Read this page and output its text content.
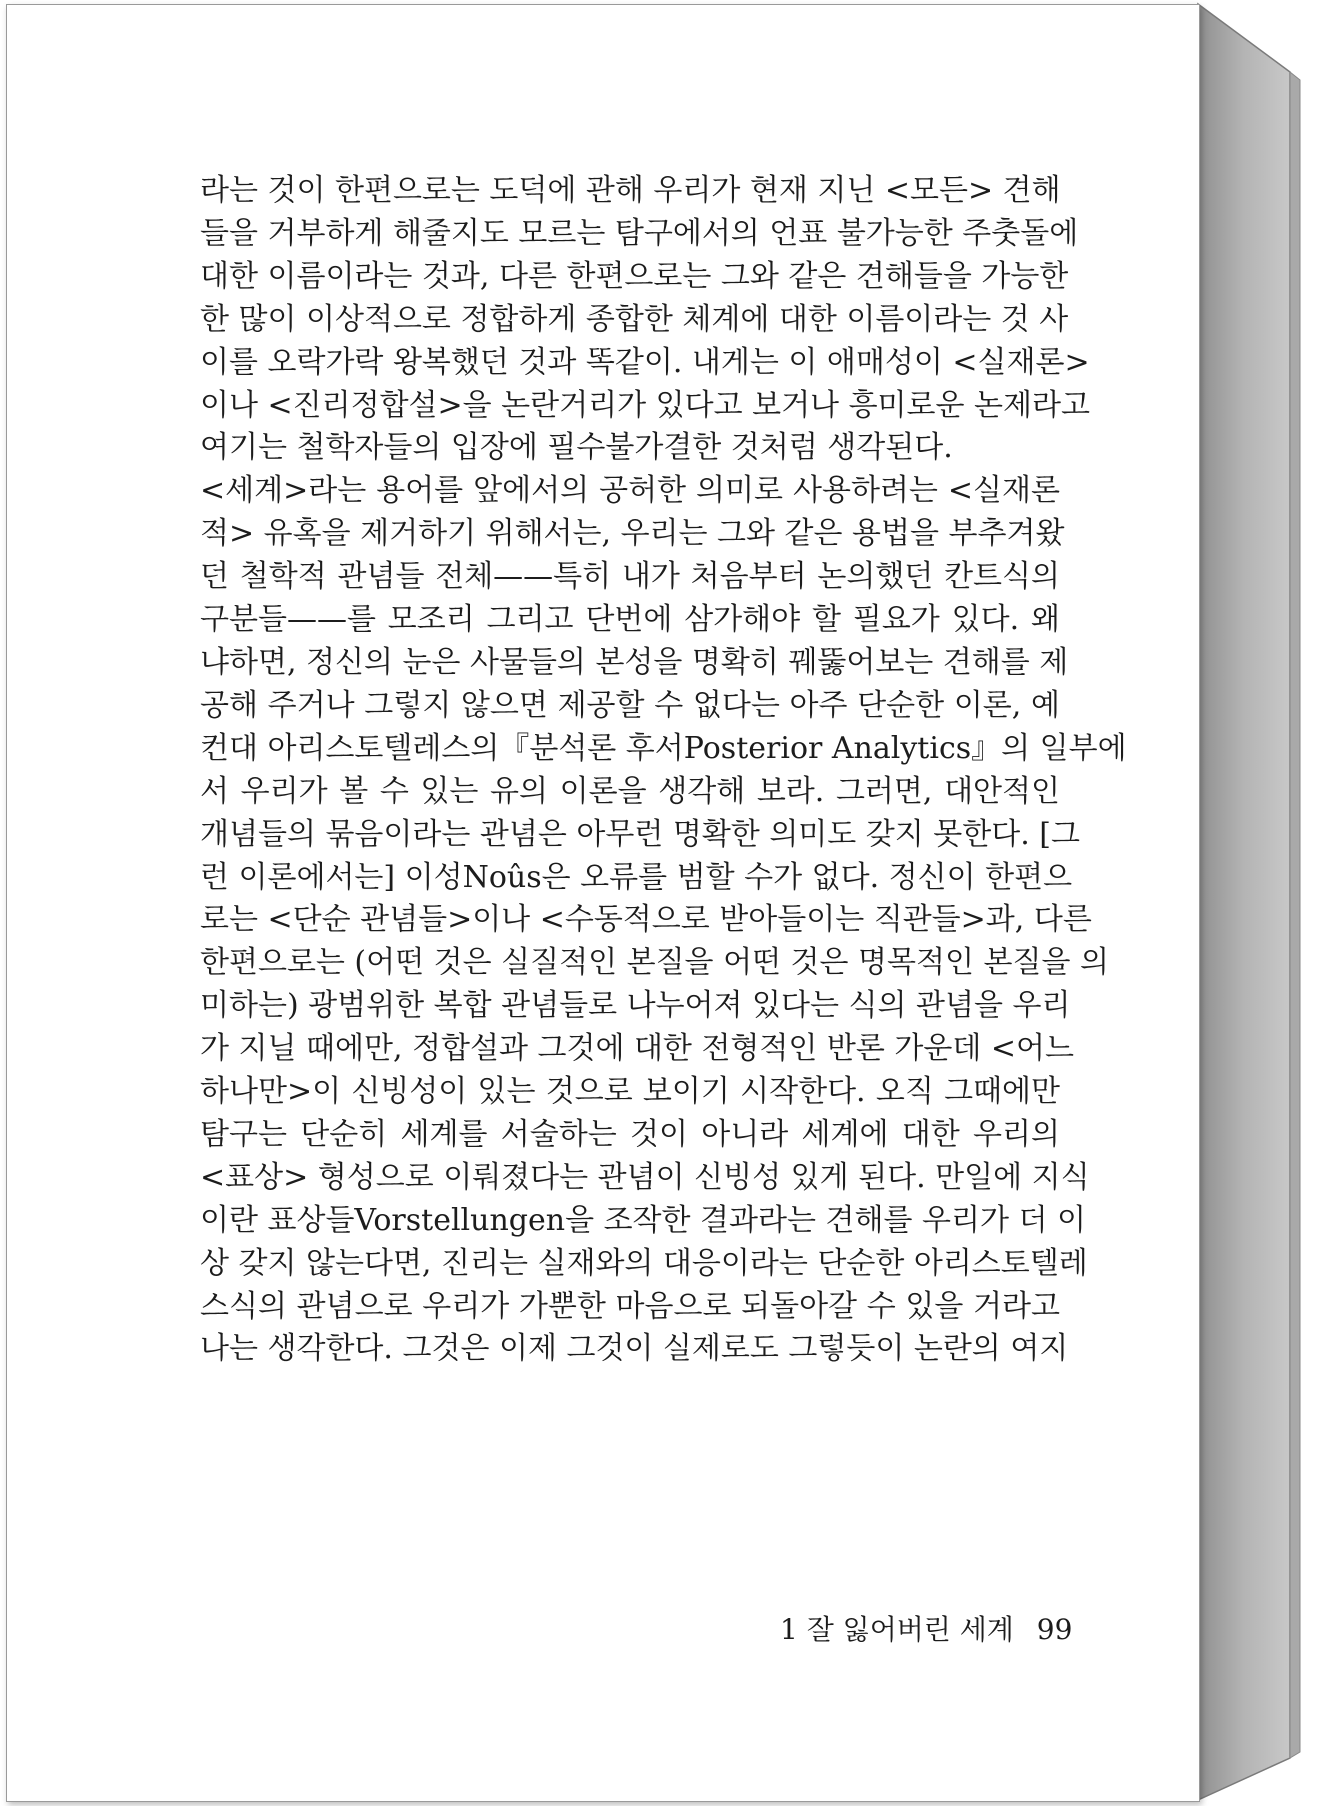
라는 것이 한편으로는 도덕에 관해 우리가 현재 지닌 <모든> 견해
들을 거부하게 해줄지도 모르는 탐구에서의 언표 불가능한 주춧돌에
대한 이름이라는 것과, 다른 한편으로는 그와 같은 견해들을 가능한
한 많이 이상적으로 정합하게 종합한 체계에 대한 이름이라는 것 사
이를 오락가락 왕복했던 것과 똑같이. 내게는 이 애매성이 <실재론>
이나 <진리정합설>을 논란거리가 있다고 보거나 흥미로운 논제라고
여기는 철학자들의 입장에 필수불가결한 것처럼 생각된다.
<세계>라는 용어를 앞에서의 공허한 의미로 사용하려는 <실재론
적> 유혹을 제거하기 위해서는, 우리는 그와 같은 용법을 부추겨왔
던 철학적 관념들 전체——특히 내가 처음부터 논의했던 칸트식의
구분들——를 모조리 그리고 단번에 삼가해야 할 필요가 있다. 왜
냐하면, 정신의 눈은 사물들의 본성을 명확히 꿰뚫어보는 견해를 제
공해 주거나 그렇지 않으면 제공할 수 없다는 아주 단순한 이론, 예
컨대 아리스토텔레스의『분석론 후서Posterior Analytics』의 일부에
서 우리가 볼 수 있는 유의 이론을 생각해 보라. 그러면, 대안적인
개념들의 묶음이라는 관념은 아무런 명확한 의미도 갖지 못한다. [그
런 이론에서는] 이성Noûs은 오류를 범할 수가 없다. 정신이 한편으
로는 <단순 관념들>이나 <수동적으로 받아들이는 직관들>과, 다른
한편으로는 (어떤 것은 실질적인 본질을 어떤 것은 명목적인 본질을 의
미하는) 광범위한 복합 관념들로 나누어져 있다는 식의 관념을 우리
가 지닐 때에만, 정합설과 그것에 대한 전형적인 반론 가운데 <어느
하나만>이 신빙성이 있는 것으로 보이기 시작한다. 오직 그때에만
탐구는 단순히 세계를 서술하는 것이 아니라 세계에 대한 우리의
<표상> 형성으로 이뤄졌다는 관념이 신빙성 있게 된다. 만일에 지식
이란 표상들Vorstellungen을 조작한 결과라는 견해를 우리가 더 이
상 갖지 않는다면, 진리는 실재와의 대응이라는 단순한 아리스토텔레
스식의 관념으로 우리가 가뿐한 마음으로 되돌아갈 수 있을 거라고
나는 생각한다. 그것은 이제 그것이 실제로도 그렇듯이 논란의 여지
1 잘 잃어버린 세계 99
